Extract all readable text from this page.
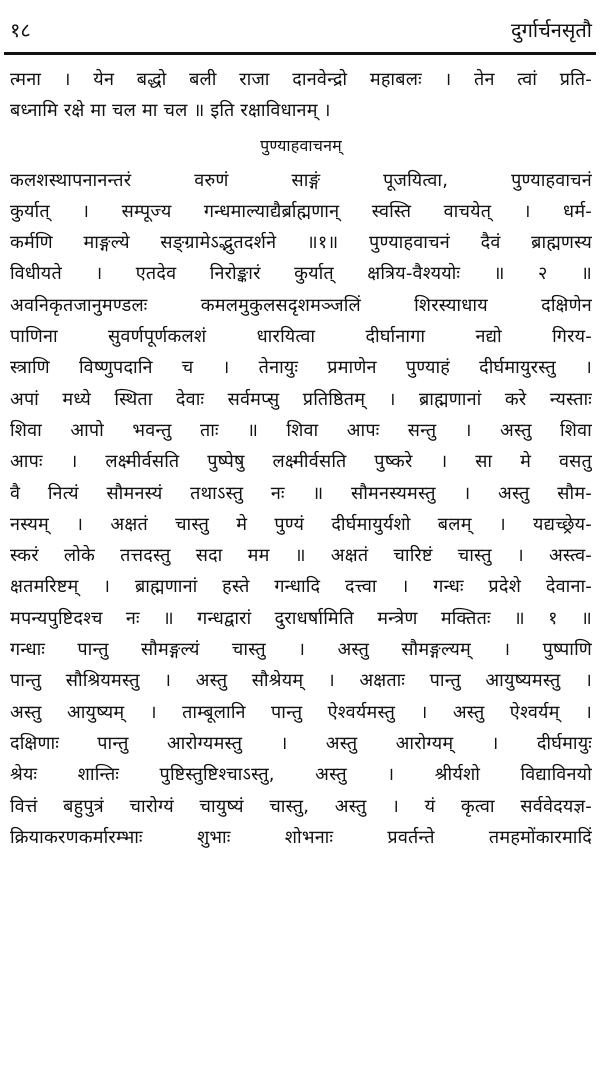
१८	दुर्गार्चनसृतौ
त्मना । येन बद्धो बली राजा दानवेन्द्रो महाबलः । तेन त्वां प्रति-
बध्नामि रक्षे मा चल मा चल ॥ इति रक्षाविधानम् ।
पुण्याहवाचनम्
कलशस्थापनानन्तरं वरुणं साङ्गं पूजयित्वा, पुण्याहवाचनं
कुर्यात् । सम्पूज्य गन्धमाल्याद्यैर्ब्राह्मणान् स्वस्ति वाचयेत् । धर्म-
कर्मणि माङ्गल्ये सङ्ग्रामेऽद्भुतदर्शने ॥१॥ पुण्याहवाचनं दैवं ब्राह्मणस्य
विधीयते । एतदेव निरोङ्कारं कुर्यात् क्षत्रिय-वैश्ययोः ॥ २ ॥
अवनिकृतजानुमण्डलः कमलमुकुलसदृशमञ्जलिं शिरस्याधाय दक्षिणेन
पाणिना सुवर्णपूर्णकलशं धारयित्वा दीर्घानागा नद्यो गिरय-
स्त्राणि विष्णुपदानि च । तेनायुः प्रमाणेन पुण्याहं दीर्घमायुरस्तु ।
अपां मध्ये स्थिता देवाः सर्वमप्सु प्रतिष्ठितम् । ब्राह्मणानां करे न्यस्ताः
शिवा आपो भवन्तु ताः ॥ शिवा आपः सन्तु । अस्तु शिवा
आपः । लक्ष्मीर्वसति पुष्पेषु लक्ष्मीर्वसति पुष्करे । सा मे वसतु
वै नित्यं सौमनस्यं तथाऽस्तु नः ॥ सौमनस्यमस्तु । अस्तु सौम-
नस्यम् । अक्षतं चास्तु मे पुण्यं दीर्घमायुर्यशो बलम् । यद्यच्छ्रेय-
स्करं लोके तत्तदस्तु सदा मम ॥ अक्षतं चारिष्टं चास्तु । अस्त्व-
क्षतमरिष्टम् । ब्राह्मणानां हस्ते गन्धादि दत्त्वा । गन्धः प्रदेशे देवाना-
मपन्यपुष्टिदश्च नः ॥ गन्धद्वारां दुराधर्षामिति मन्त्रेण मक्तितः ॥ १ ॥
गन्धाः पान्तु सौमङ्गल्यं चास्तु । अस्तु सौमङ्गल्यम् । पुष्पाणि
पान्तु सौश्रियमस्तु । अस्तु सौश्रेयम् । अक्षताः पान्तु आयुष्यमस्तु ।
अस्तु आयुष्यम् । ताम्बूलानि पान्तु ऐश्वर्यमस्तु । अस्तु ऐश्वर्यम् ।
दक्षिणाः पान्तु आरोग्यमस्तु । अस्तु आरोग्यम् । दीर्घमायुः
श्रेयः शान्तिः पुष्टिस्तुष्टिश्चाऽस्तु, अस्तु । श्रीर्यशो विद्याविनयो
वित्तं बहुपुत्रं चारोग्यं चायुष्यं चास्तु, अस्तु । यं कृत्वा सर्ववेदयज्ञ-
क्रियाकरणकर्मारम्भाः शुभाः शोभनाः प्रवर्तन्ते तमहमोंकारमादिं
